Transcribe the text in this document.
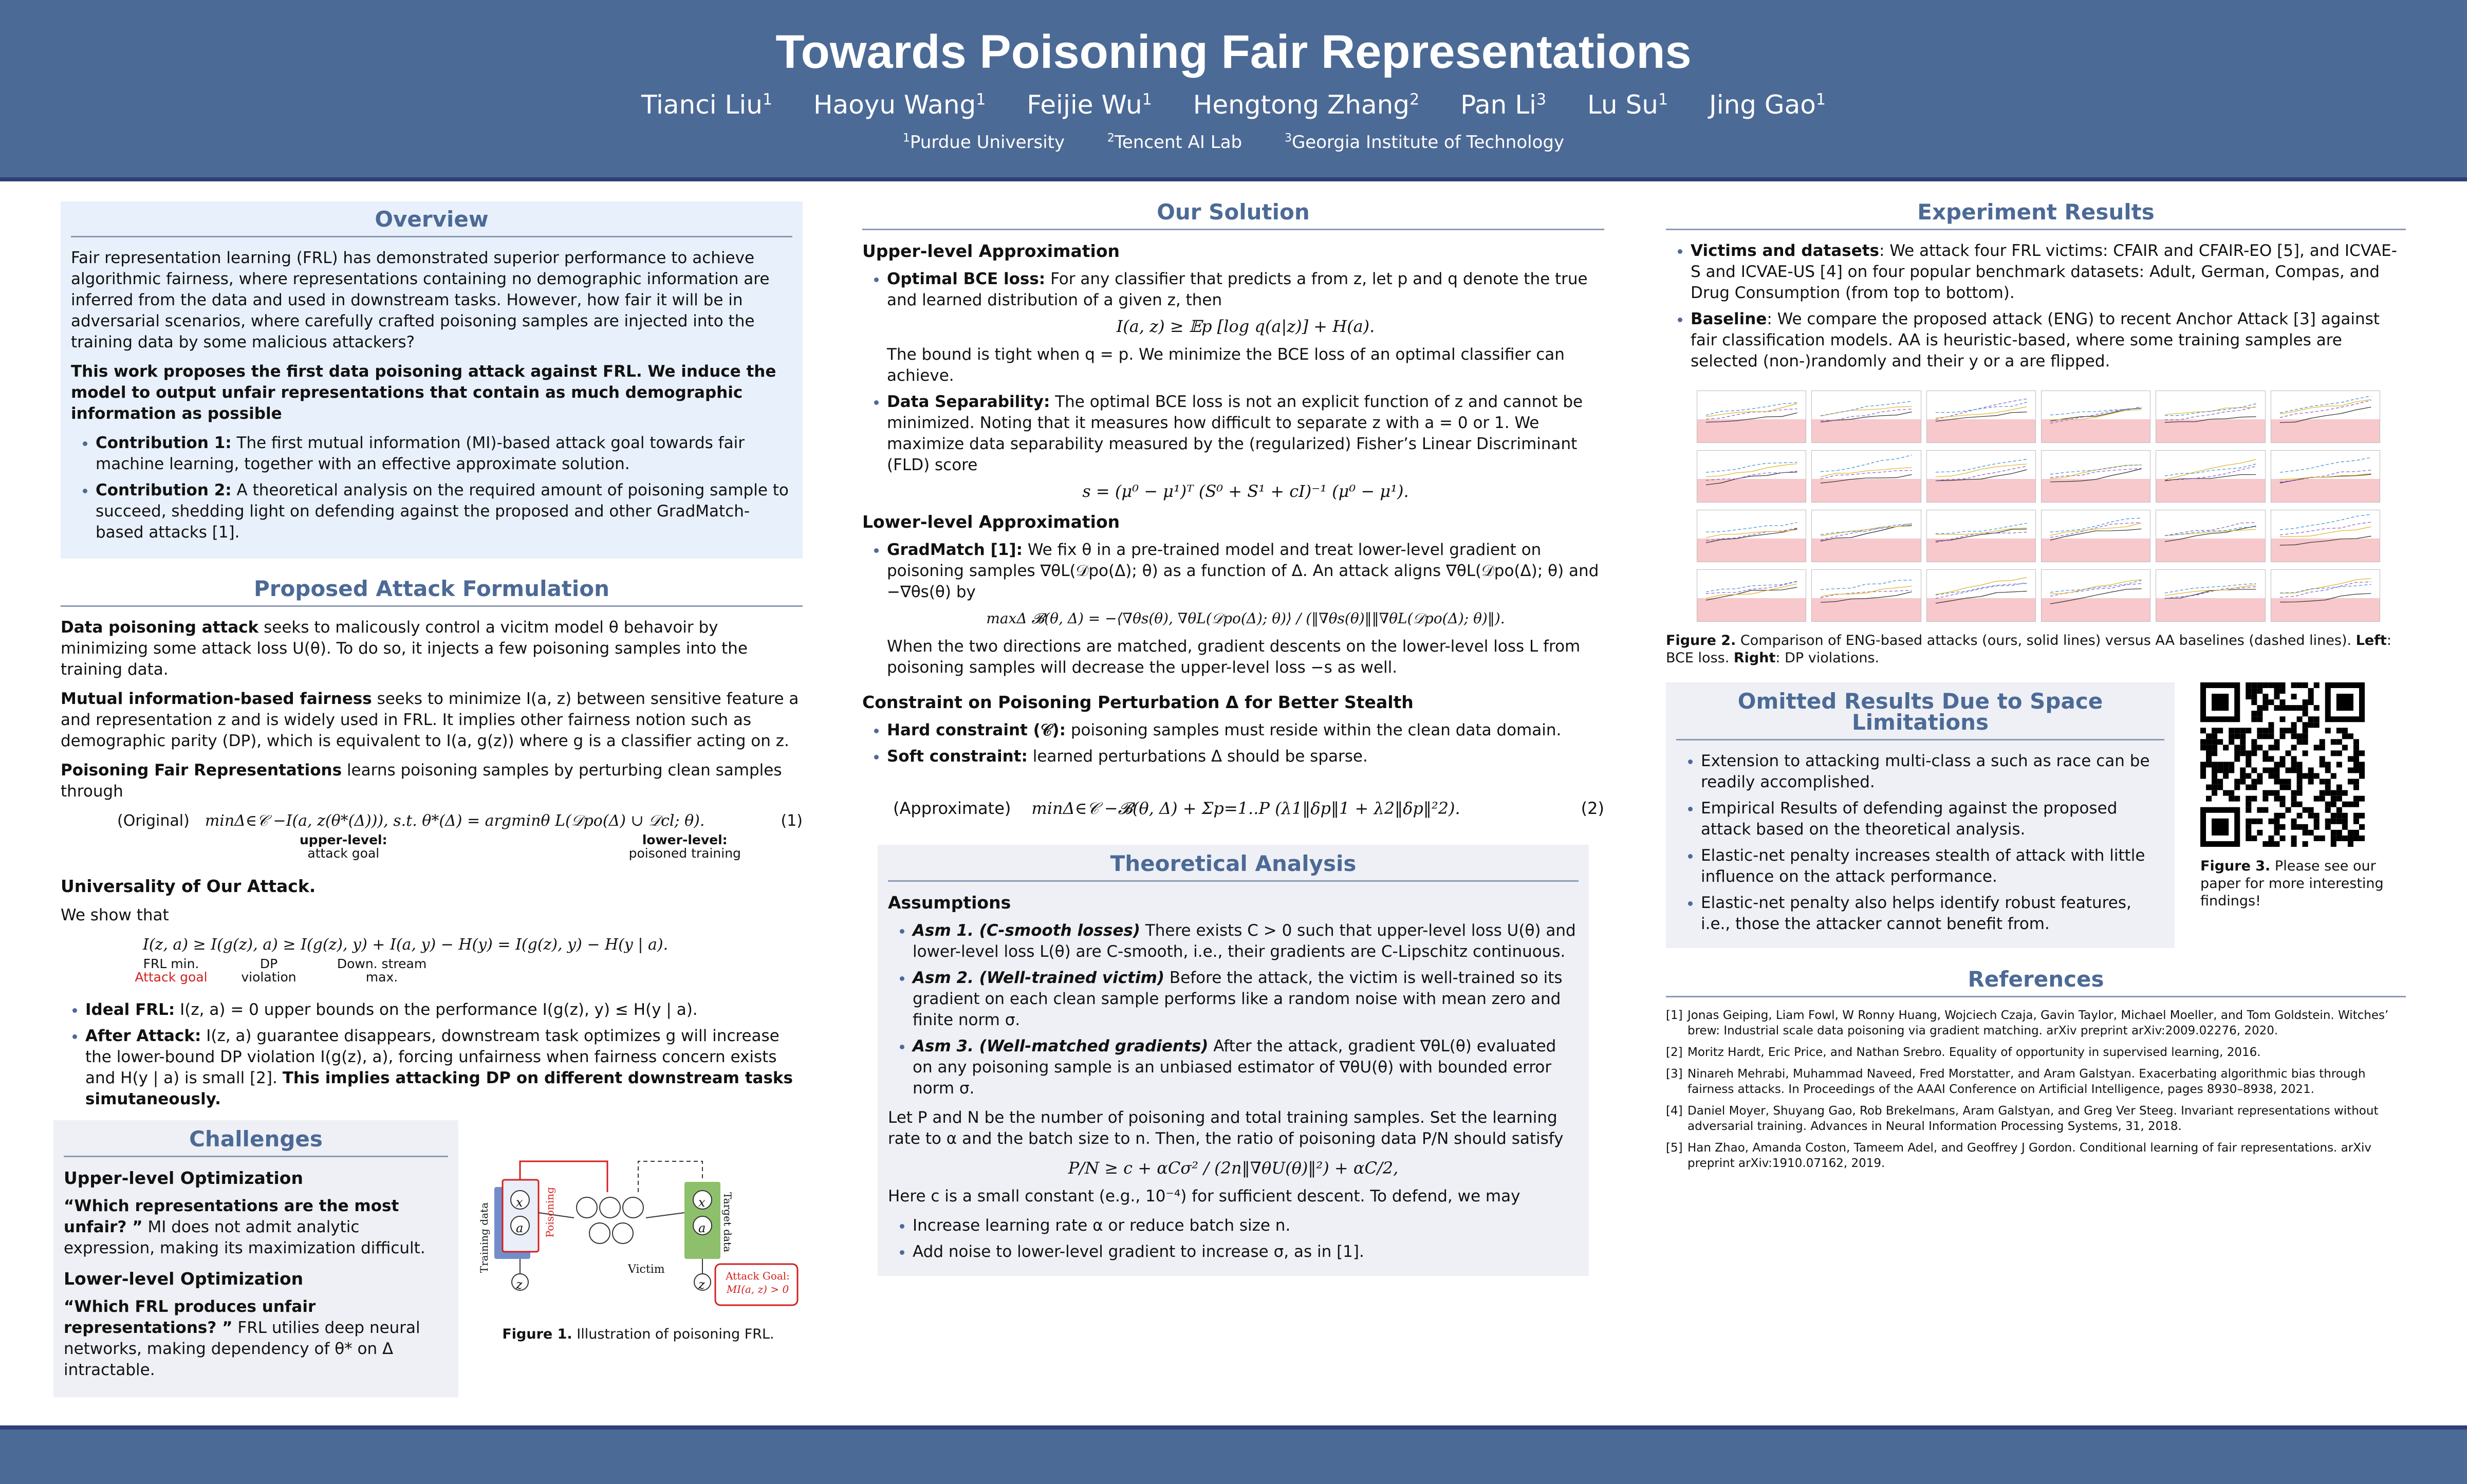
Towards Poisoning Fair Representations
Tianci Liu$^1$ Haoyu Wang$^1$ Feijie Wu$^1$ Hengtong Zhang$^2$ Pan Li$^3$ Lu Su$^1$ Jing Gao$^1$
$^1$Purdue University	$^2$Tencent AI Lab	$^3$Georgia Institute of Technology
Overview

Fair representation learning (FRL) has demonstrated superior performance to achieve algorithmic fairness, where representations containing no demographic information are inferred from the data and used in downstream tasks. However, how fair it will be in adversarial scenarios, where carefully crafted poisoning samples are injected into the training data by some malicious attackers?

This work proposes the first data poisoning attack against FRL. We induce the model to output unfair representations that contain as much demographic information as possible

• Contribution 1: The first mutual information (MI)-based attack goal towards fair machine learning, together with an effective approximate solution.
• Contribution 2: A theoretical analysis on the required amount of poisoning sample to succeed, shedding light on defending against the proposed and other GradMatch-based attacks [1].
Proposed Attack Formulation

Data poisoning attack seeks to malicously control a vicitm model θ behavoir by minimizing some attack loss U(θ). To do so, it injects a few poisoning samples into the training data.

Mutual information-based fairness seeks to minimize I(a, z) between sensitive feature a and representation z and is widely used in FRL. It implies other fairness notion such as demographic parity (DP), which is equivalent to I(a, g(z)) where g is a classifier acting on z.

Poisoning Fair Representations learns poisoning samples by perturbing clean samples through

(Original) minΔ∈𝒞 −I(a, z(θ*(Δ))), s.t. θ*(Δ) = argminθ L(𝒟po(Δ) ∪ 𝒟cl; θ).	(1)
upper-level:
attack goal
lower-level:
poisoned training

Universality of Our Attack.

We show that

I(z, a) ≥ I(g(z), a) ≥ I(g(z), y) + I(a, y) − H(y) = I(g(z), y) − H(y | a).
FRL min.
Attack goal
DP
violation
Down. stream
max.
• Ideal FRL: I(z, a) = 0 upper bounds on the performance I(g(z), y) ≤ H(y | a).
• After Attack: I(z, a) guarantee disappears, downstream task optimizes g will increase the lower-bound DP violation I(g(z), a), forcing unfairness when fairness concern exists and H(y | a) is small [2]. This implies attacking DP on different downstream tasks simutaneously.
Challenges
Upper-level Optimization

“Which representations are the most unfair? ” MI does not admit analytic expression, making its maximization difficult.

Lower-level Optimization

“Which FRL produces unfair representations? ” FRL utilies deep neural networks, making dependency of θ* on Δ intractable.

Training data	Poisoning	Target data
Victim
x
a
z
x
a
z
Attack Goal:
MI(a, z) > 0
Figure 1. Illustration of poisoning FRL.
Our Solution
Upper-level Approximation
• Optimal BCE loss: For any classifier that predicts a from z, let p and q denote the true and learned distribution of a given z, then
I(a, z) ≥ 𝔼p [log q(a|z)] + H(a).
The bound is tight when q = p. We minimize the BCE loss of an optimal classifier can achieve.
• Data Separability: The optimal BCE loss is not an explicit function of z and cannot be minimized. Noting that it measures how difficult to separate z with a = 0 or 1. We maximize data separability measured by the (regularized) Fisher’s Linear Discriminant (FLD) score
s = (μ⁰ − μ¹)ᵀ (S⁰ + S¹ + cI)⁻¹ (μ⁰ − μ¹).
Lower-level Approximation
• GradMatch [1]: We fix θ in a pre-trained model and treat lower-level gradient on poisoning samples ∇θL(𝒟po(Δ); θ) as a function of Δ. An attack aligns ∇θL(𝒟po(Δ); θ) and −∇θs(θ) by
maxΔ 𝓑(θ, Δ) = −⟨∇θs(θ), ∇θL(𝒟po(Δ); θ)⟩ / (‖∇θs(θ)‖‖∇θL(𝒟po(Δ); θ)‖).
When the two directions are matched, gradient descents on the lower-level loss L from poisoning samples will decrease the upper-level loss −s as well.
Constraint on Poisoning Perturbation Δ for Better Stealth
• Hard constraint (𝒞): poisoning samples must reside within the clean data domain.
• Soft constraint: learned perturbations Δ should be sparse.
(Approximate) minΔ∈𝒞 −𝓑(θ, Δ) + Σp=1..P (λ1‖δp‖1 + λ2‖δp‖²2).	(2)
Theoretical Analysis
Assumptions
• Asm 1. (C-smooth losses) There exists C > 0 such that upper-level loss U(θ) and lower-level loss L(θ) are C-smooth, i.e., their gradients are C-Lipschitz continuous.
• Asm 2. (Well-trained victim) Before the attack, the victim is well-trained so its gradient on each clean sample performs like a random noise with mean zero and finite norm σ.
• Asm 3. (Well-matched gradients) After the attack, gradient ∇θL(θ) evaluated on any poisoning sample is an unbiased estimator of ∇θU(θ) with bounded error norm σ.

Let P and N be the number of poisoning and total training samples. Set the learning rate to α and the batch size to n. Then, the ratio of poisoning data P/N should satisfy

P/N ≥ c + αCσ² / (2n‖∇θU(θ)‖²) + αC/2,

Here c is a small constant (e.g., 10⁻⁴) for sufficient descent. To defend, we may

• Increase learning rate α or reduce batch size n.
• Add noise to lower-level gradient to increase σ, as in [1].
Experiment Results
• Victims and datasets: We attack four FRL victims: CFAIR and CFAIR-EO [5], and ICVAE-S and ICVAE-US [4] on four popular benchmark datasets: Adult, German, Compas, and Drug Consumption (from top to bottom).
• Baseline: We compare the proposed attack (ENG) to recent Anchor Attack [3] against fair classification models. AA is heuristic-based, where some training samples are selected (non-)randomly and their y or a are flipped.
Figure 2. Comparison of ENG-based attacks (ours, solid lines) versus AA baselines (dashed lines). Left: BCE loss. Right: DP violations.
Omitted Results Due to Space Limitations
• Extension to attacking multi-class a such as race can be readily accomplished.
• Empirical Results of defending against the proposed attack based on the theoretical analysis.
• Elastic-net penalty increases stealth of attack with little influence on the attack performance.
• Elastic-net penalty also helps identify robust features, i.e., those the attacker cannot benefit from.
Figure 3. Please see our paper for more interesting findings!
References
[1] Jonas Geiping, Liam Fowl, W Ronny Huang, Wojciech Czaja, Gavin Taylor, Michael Moeller, and Tom Goldstein. Witches’ brew: Industrial scale data poisoning via gradient matching. arXiv preprint arXiv:2009.02276, 2020.
[2] Moritz Hardt, Eric Price, and Nathan Srebro. Equality of opportunity in supervised learning, 2016.
[3] Ninareh Mehrabi, Muhammad Naveed, Fred Morstatter, and Aram Galstyan. Exacerbating algorithmic bias through fairness attacks. In Proceedings of the AAAI Conference on Artificial Intelligence, pages 8930–8938, 2021.
[4] Daniel Moyer, Shuyang Gao, Rob Brekelmans, Aram Galstyan, and Greg Ver Steeg. Invariant representations without adversarial training. Advances in Neural Information Processing Systems, 31, 2018.
[5] Han Zhao, Amanda Coston, Tameem Adel, and Geoffrey J Gordon. Conditional learning of fair representations. arXiv preprint arXiv:1910.07162, 2019.
